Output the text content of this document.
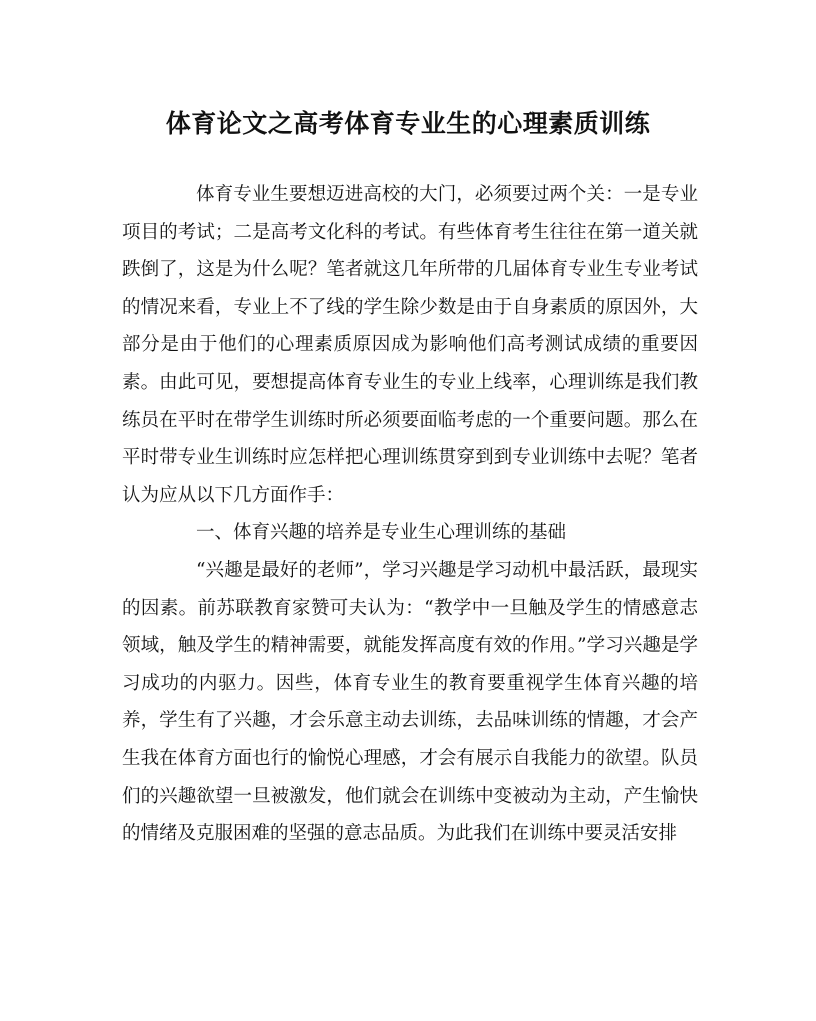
体育论文之高考体育专业生的心理素质训练

体育专业生要想迈进高校的大门，必须要过两个关：一是专业项目的考试；二是高考文化科的考试。有些体育考生往往在第一道关就跌倒了，这是为什么呢？笔者就这几年所带的几届体育专业生专业考试的情况来看，专业上不了线的学生除少数是由于自身素质的原因外，大部分是由于他们的心理素质原因成为影响他们高考测试成绩的重要因素。由此可见，要想提高体育专业生的专业上线率，心理训练是我们教练员在平时在带学生训练时所必须要面临考虑的一个重要问题。那么在平时带专业生训练时应怎样把心理训练贯穿到到专业训练中去呢？笔者认为应从以下几方面作手：

一、体育兴趣的培养是专业生心理训练的基础

“兴趣是最好的老师”，学习兴趣是学习动机中最活跃，最现实的因素。前苏联教育家赞可夫认为：“教学中一旦触及学生的情感意志领域，触及学生的精神需要，就能发挥高度有效的作用。”学习兴趣是学习成功的内驱力。因些，体育专业生的教育要重视学生体育兴趣的培养，学生有了兴趣，才会乐意主动去训练，去品味训练的情趣，才会产生我在体育方面也行的愉悦心理感，才会有展示自我能力的欲望。队员们的兴趣欲望一旦被激发，他们就会在训练中变被动为主动，产生愉快的情绪及克服困难的坚强的意志品质。为此我们在训练中要灵活安排
